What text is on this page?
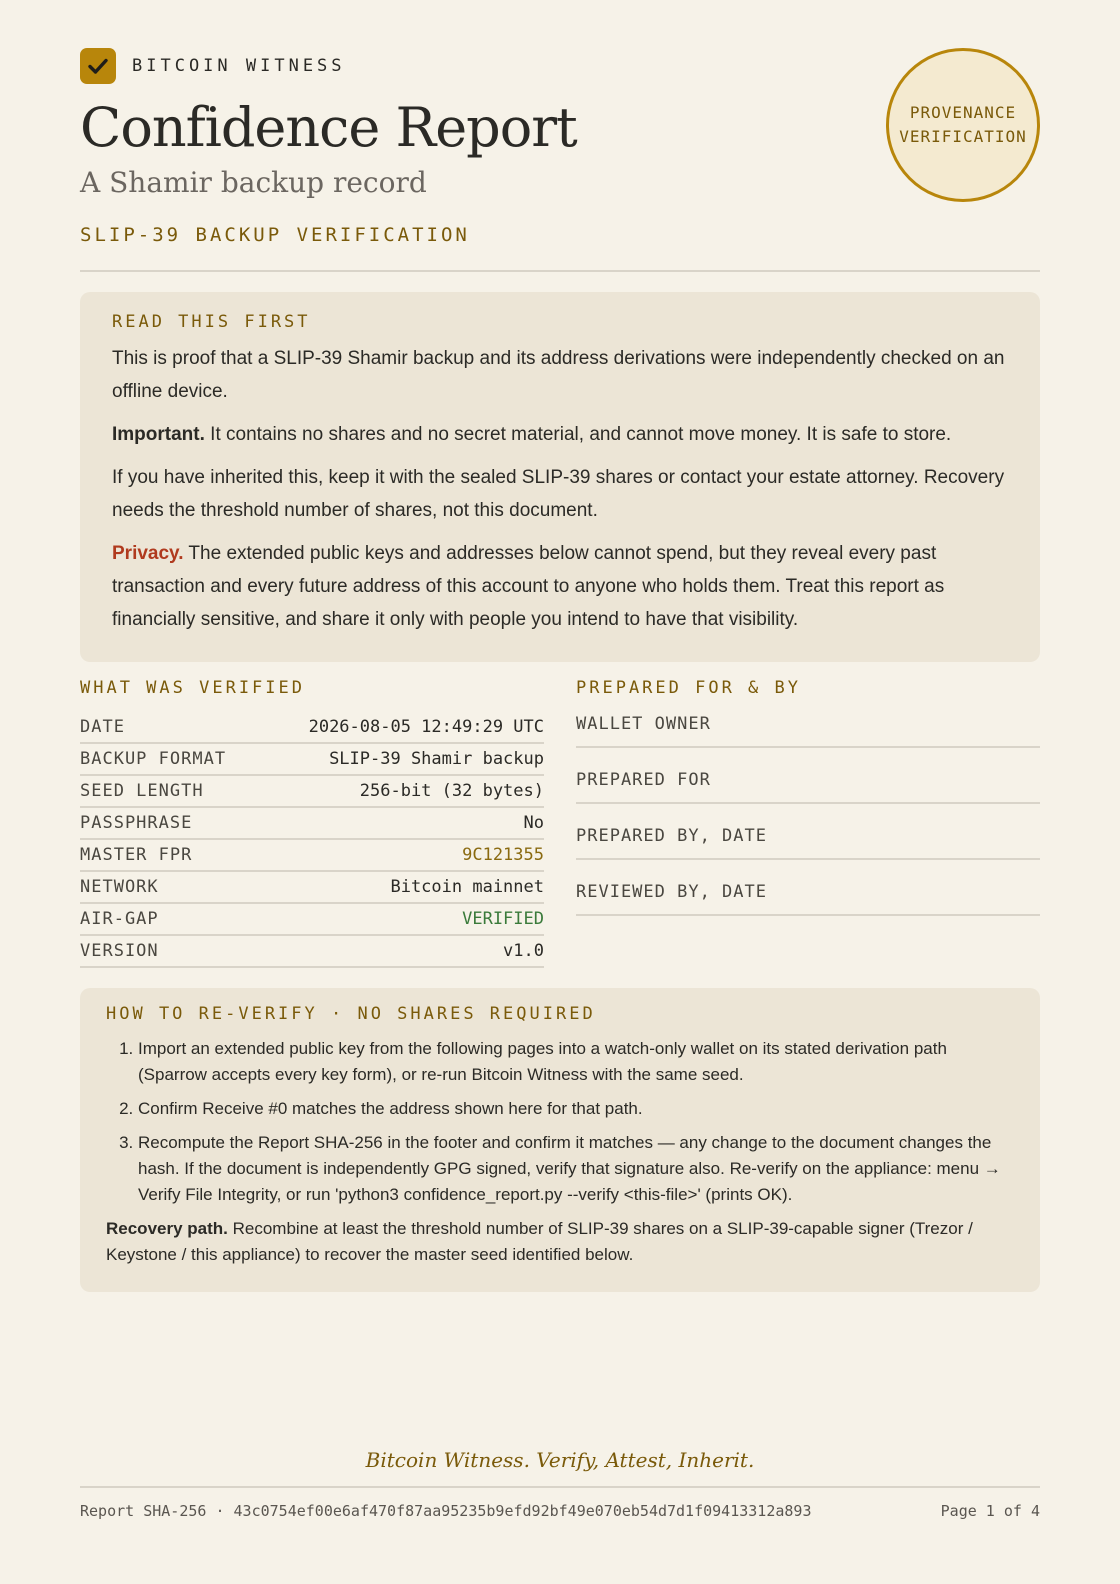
BITCOIN WITNESS
Confidence Report
A Shamir backup record
SLIP-39 BACKUP VERIFICATION
PROVENANCE
VERIFICATION
READ THIS FIRST

This is proof that a SLIP-39 Shamir backup and its address derivations were independently checked on an offline device.

Important. It contains no shares and no secret material, and cannot move money. It is safe to store.

If you have inherited this, keep it with the sealed SLIP-39 shares or contact your estate attorney. Recovery needs the threshold number of shares, not this document.

Privacy. The extended public keys and addresses below cannot spend, but they reveal every past transaction and every future address of this account to anyone who holds them. Treat this report as financially sensitive, and share it only with people you intend to have that visibility.

WHAT WAS VERIFIED
DATE	2026-08-05 12:49:29 UTC
BACKUP FORMAT	SLIP-39 Shamir backup
SEED LENGTH	256-bit (32 bytes)
PASSPHRASE	No
MASTER FPR	9C121355
NETWORK	Bitcoin mainnet
AIR-GAP	VERIFIED
VERSION	v1.0
PREPARED FOR & BY
WALLET OWNER
PREPARED FOR
PREPARED BY, DATE
REVIEWED BY, DATE
HOW TO RE-VERIFY · NO SHARES REQUIRED
1. Import an extended public key from the following pages into a watch-only wallet on its stated derivation path (Sparrow accepts every key form), or re-run Bitcoin Witness with the same seed.
2. Confirm Receive #0 matches the address shown here for that path.
3. Recompute the Report SHA-256 in the footer and confirm it matches — any change to the document changes the hash. If the document is independently GPG signed, verify that signature also. Re-verify on the appliance: menu → Verify File Integrity, or run 'python3 confidence_report.py --verify <this-file>' (prints OK).

Recovery path. Recombine at least the threshold number of SLIP-39 shares on a SLIP-39-capable signer (Trezor / Keystone / this appliance) to recover the master seed identified below.

Bitcoin Witness. Verify, Attest, Inherit.
Report SHA-256 · 43c0754ef00e6af470f87aa95235b9efd92bf49e070eb54d7d1f09413312a893	Page 1 of 4
